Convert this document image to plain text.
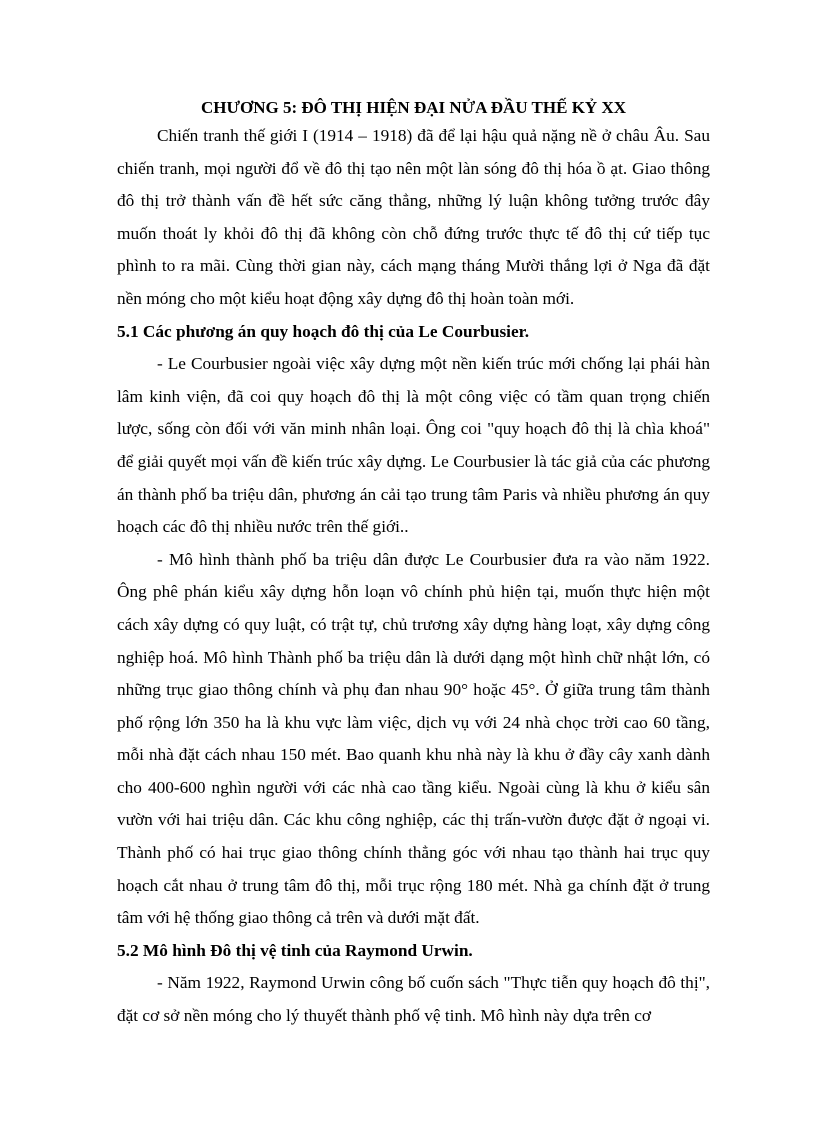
CHƯƠNG 5: ĐÔ THỊ HIỆN ĐẠI NỬA ĐẦU THẾ KỶ XX

Chiến tranh thế giới I (1914 – 1918) đã để lại hậu quả nặng nề ở châu Âu. Sau chiến tranh, mọi người đổ về đô thị tạo nên một làn sóng đô thị hóa ồ ạt. Giao thông đô thị trở thành vấn đề hết sức căng thẳng, những lý luận không tưởng trước đây muốn thoát ly khỏi đô thị đã không còn chỗ đứng trước thực tế đô thị cứ tiếp tục phình to ra mãi. Cùng thời gian này, cách mạng tháng Mười thắng lợi ở Nga đã đặt nền móng cho một kiểu hoạt động xây dựng đô thị hoàn toàn mới.

5.1 Các phương án quy hoạch đô thị của Le Courbusier.

- Le Courbusier ngoài việc xây dựng một nền kiến trúc mới chống lại phái hàn lâm kinh viện, đã coi quy hoạch đô thị là một công việc có tầm quan trọng chiến lược, sống còn đối với văn minh nhân loại. Ông coi "quy hoạch đô thị là chìa khoá" để giải quyết mọi vấn đề kiến trúc xây dựng. Le Courbusier là tác giả của các phương án thành phố ba triệu dân, phương án cải tạo trung tâm Paris và nhiều phương án quy hoạch các đô thị nhiều nước trên thế giới..

- Mô hình thành phố ba triệu dân được Le Courbusier đưa ra vào năm 1922. Ông phê phán kiểu xây dựng hỗn loạn vô chính phủ hiện tại, muốn thực hiện một cách xây dựng có quy luật, có trật tự, chủ trương xây dựng hàng loạt, xây dựng công nghiệp hoá. Mô hình Thành phố ba triệu dân là dưới dạng một hình chữ nhật lớn, có những trục giao thông chính và phụ đan nhau 90° hoặc 45°. Ở giữa trung tâm thành phố rộng lớn 350 ha là khu vực làm việc, dịch vụ với 24 nhà chọc trời cao 60 tầng, mỗi nhà đặt cách nhau 150 mét. Bao quanh khu nhà này là khu ở đầy cây xanh dành cho 400-600 nghìn người với các nhà cao tầng kiểu. Ngoài cùng là khu ở kiểu sân vườn với hai triệu dân. Các khu công nghiệp, các thị trấn-vườn được đặt ở ngoại vi. Thành phố có hai trục giao thông chính thẳng góc với nhau tạo thành hai trục quy hoạch cắt nhau ở trung tâm đô thị, mỗi trục rộng 180 mét. Nhà ga chính đặt ở trung tâm với hệ thống giao thông cả trên và dưới mặt đất.

5.2 Mô hình Đô thị vệ tinh của Raymond Urwin.

- Năm 1922, Raymond Urwin công bố cuốn sách "Thực tiễn quy hoạch đô thị", đặt cơ sở nền móng cho lý thuyết thành phố vệ tinh. Mô hình này dựa trên cơ
